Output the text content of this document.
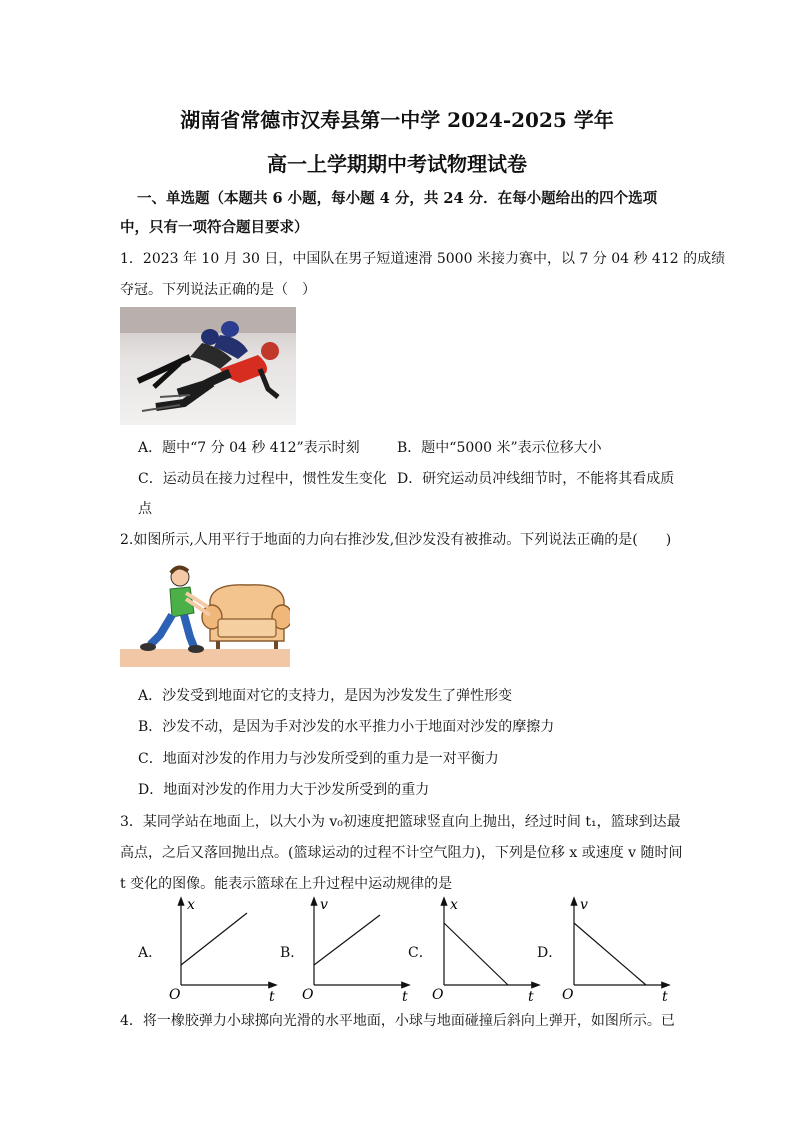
湖南省常德市汉寿县第一中学 2024-2025 学年
高一上学期期中考试物理试卷
一、单选题（本题共 6 小题，每小题 4 分，共 24 分．在每小题给出的四个选项
中，只有一项符合题目要求）
1．2023 年 10 月 30 日，中国队在男子短道速滑 5000 米接力赛中，以 7 分 04 秒 412 的成绩
夺冠。下列说法正确的是（　）
A．题中“7 分 04 秒 412”表示时刻	B．题中“5000 米”表示位移大小
C．运动员在接力过程中，惯性发生变化 D．研究运动员冲线细节时，不能将其看成质
点
2.如图所示,人用平行于地面的力向右推沙发,但沙发没有被推动。下列说法正确的是(　　)
A．沙发受到地面对它的支持力，是因为沙发发生了弹性形变
B．沙发不动，是因为手对沙发的水平推力小于地面对沙发的摩擦力
C．地面对沙发的作用力与沙发所受到的重力是一对平衡力
D．地面对沙发的作用力大于沙发所受到的重力
3．某同学站在地面上，以大小为 v₀初速度把篮球竖直向上抛出，经过时间 t₁，篮球到达最
高点，之后又落回抛出点。(篮球运动的过程不计空气阻力)，下列是位移 x 或速度 v 随时间
t 变化的图像。能表示篮球在上升过程中运动规律的是
A．
x
t
O
B．
v
t
O
C．
x
t
O
D．
v
t
O
4．将一橡胶弹力小球掷向光滑的水平地面，小球与地面碰撞后斜向上弹开，如图所示。已
